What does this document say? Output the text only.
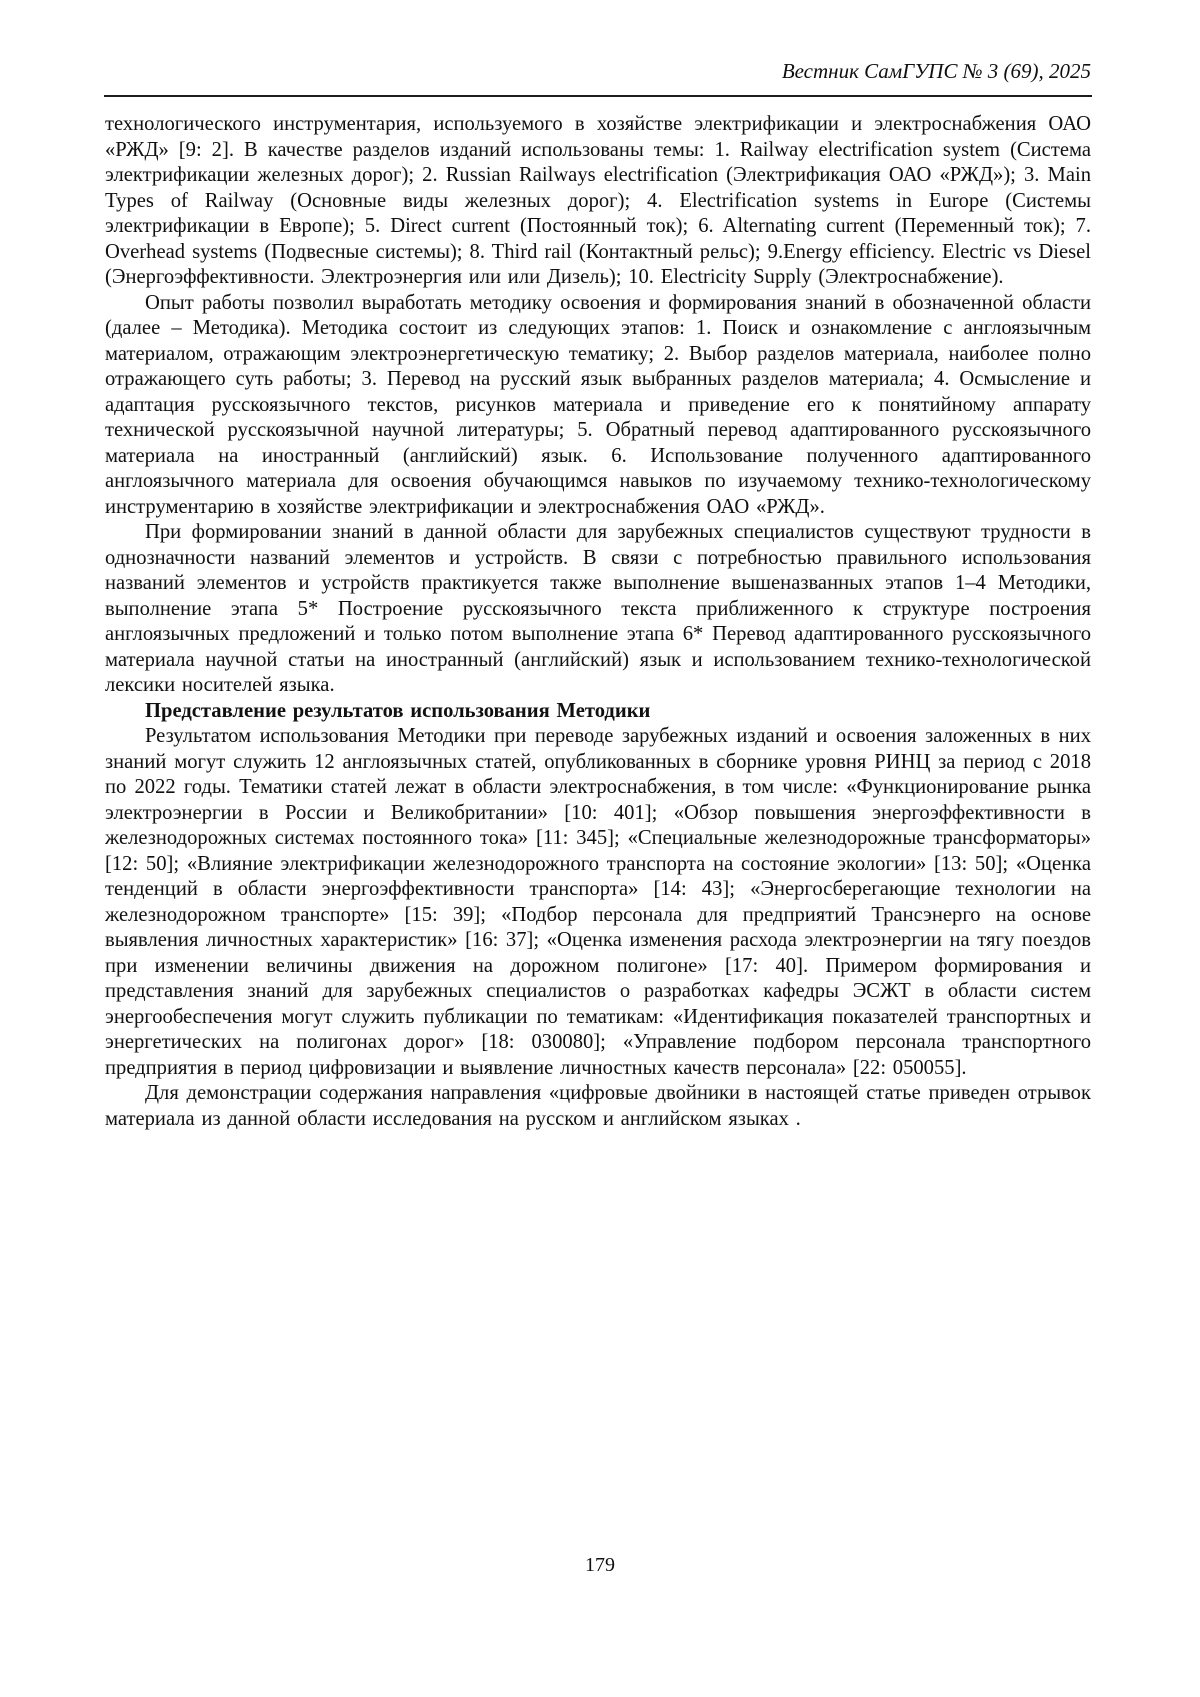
Вестник СамГУПС № 3 (69), 2025

технологического инструментария, используемого в хозяйстве электрификации и электроснабжения ОАО «РЖД» [9: 2]. В качестве разделов изданий использованы темы: 1. Railway electrification system (Система электрификации железных дорог); 2. Russian Railways electrification (Электрификация ОАО «РЖД»); 3. Main Types of Railway (Основные виды железных дорог); 4. Electrification systems in Europe (Системы электрификации в Европе); 5. Direct current (Постоянный ток); 6. Alternating current (Переменный ток); 7. Overhead systems (Подвесные системы); 8. Third rail (Контактный рельс); 9.Energy efficiency. Electric vs Diesel (Энергоэффективности. Электроэнергия или или Дизель); 10. Electricity Supply (Электроснабжение).

Опыт работы позволил выработать методику освоения и формирования знаний в обозначенной области (далее – Методика). Методика состоит из следующих этапов: 1. Поиск и ознакомление с англоязычным материалом, отражающим электроэнергетическую тематику; 2. Выбор разделов материала, наиболее полно отражающего суть работы; 3. Перевод на русский язык выбранных разделов материала; 4. Осмысление и адаптация русскоязычного текстов, рисунков материала и приведение его к понятийному аппарату технической русскоязычной научной литературы; 5. Обратный перевод адаптированного русскоязычного материала на иностранный (английский) язык. 6. Использование полученного адаптированного англоязычного материала для освоения обучающимся навыков по изучаемому технико-технологическому инструментарию в хозяйстве электрификации и электроснабжения ОАО «РЖД».

При формировании знаний в данной области для зарубежных специалистов существуют трудности в однозначности названий элементов и устройств. В связи с потребностью правильного использования названий элементов и устройств практикуется также выполнение вышеназванных этапов 1–4 Методики, выполнение этапа 5* Построение русскоязычного текста приближенного к структуре построения англоязычных предложений и только потом выполнение этапа 6* Перевод адаптированного русскоязычного материала научной статьи на иностранный (английский) язык и использованием технико-технологической лексики носителей языка.

Представление результатов использования Методики

Результатом использования Методики при переводе зарубежных изданий и освоения заложенных в них знаний могут служить 12 англоязычных статей, опубликованных в сборнике уровня РИНЦ за период с 2018 по 2022 годы. Тематики статей лежат в области электроснабжения, в том числе: «Функционирование рынка электроэнергии в России и Великобритании» [10: 401]; «Обзор повышения энергоэффективности в железнодорожных системах постоянного тока» [11: 345]; «Специальные железнодорожные трансформаторы» [12: 50]; «Влияние электрификации железнодорожного транспорта на состояние экологии» [13: 50]; «Оценка тенденций в области энергоэффективности транспорта» [14: 43]; «Энергосберегающие технологии на железнодорожном транспорте» [15: 39]; «Подбор персонала для предприятий Трансэнерго на основе выявления личностных характеристик» [16: 37]; «Оценка изменения расхода электроэнергии на тягу поездов при изменении величины движения на дорожном полигоне» [17: 40]. Примером формирования и представления знаний для зарубежных специалистов о разработках кафедры ЭСЖТ в области систем энергообеспечения могут служить публикации по тематикам: «Идентификация показателей транспортных и энергетических на полигонах дорог» [18: 030080]; «Управление подбором персонала транспортного предприятия в период цифровизации и выявление личностных качеств персонала» [22: 050055].

Для демонстрации содержания направления «цифровые двойники в настоящей статье приведен отрывок материала из данной области исследования на русском и английском языках .

179
